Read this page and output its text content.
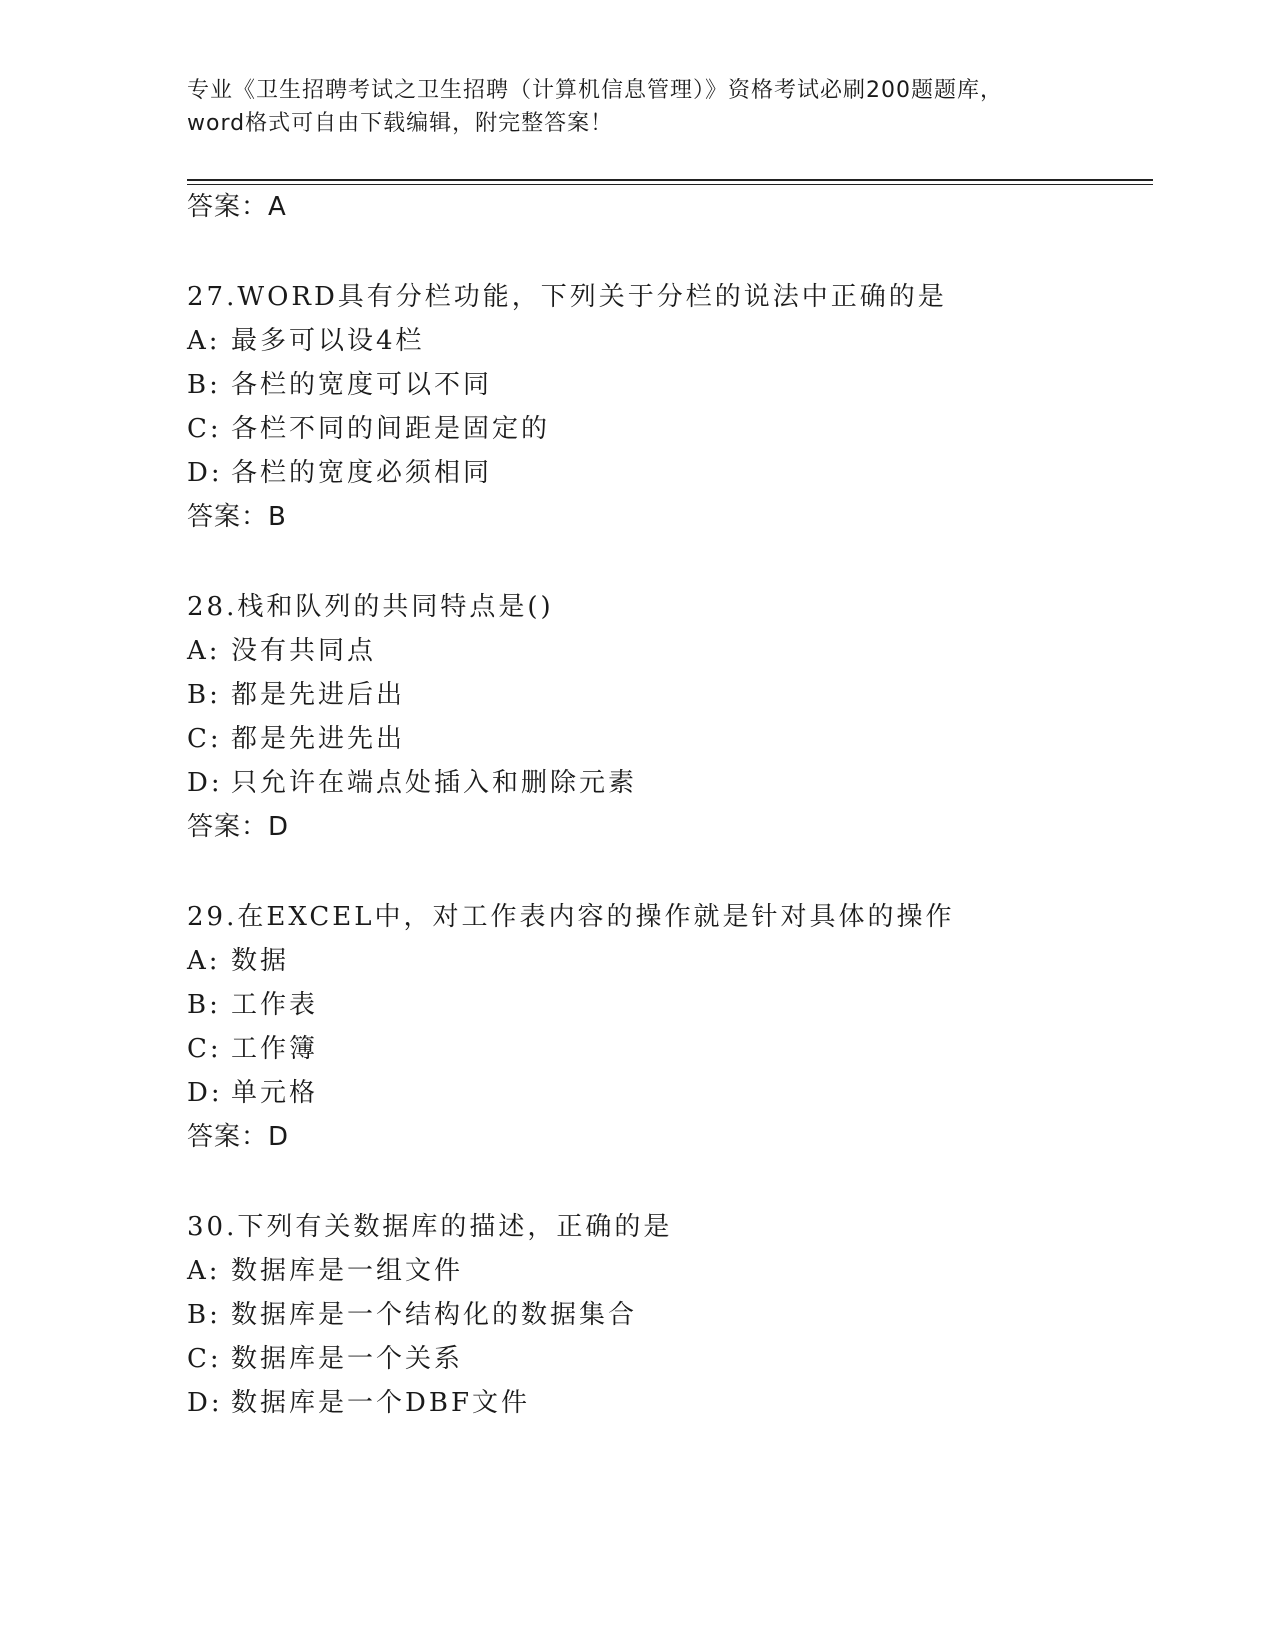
专业《卫生招聘考试之卫生招聘（计算机信息管理）》资格考试必刷200题题库，
word格式可自由下载编辑，附完整答案！
答案：A
27.WORD具有分栏功能，下列关于分栏的说法中正确的是
A: 最多可以设4栏
B: 各栏的宽度可以不同
C: 各栏不同的间距是固定的
D: 各栏的宽度必须相同
答案：B
28.栈和队列的共同特点是()
A: 没有共同点
B: 都是先进后出
C: 都是先进先出
D: 只允许在端点处插入和删除元素
答案：D
29.在EXCEL中，对工作表内容的操作就是针对具体的操作
A: 数据
B: 工作表
C: 工作簿
D: 单元格
答案：D
30.下列有关数据库的描述，正确的是
A: 数据库是一组文件
B: 数据库是一个结构化的数据集合
C: 数据库是一个关系
D: 数据库是一个DBF文件
